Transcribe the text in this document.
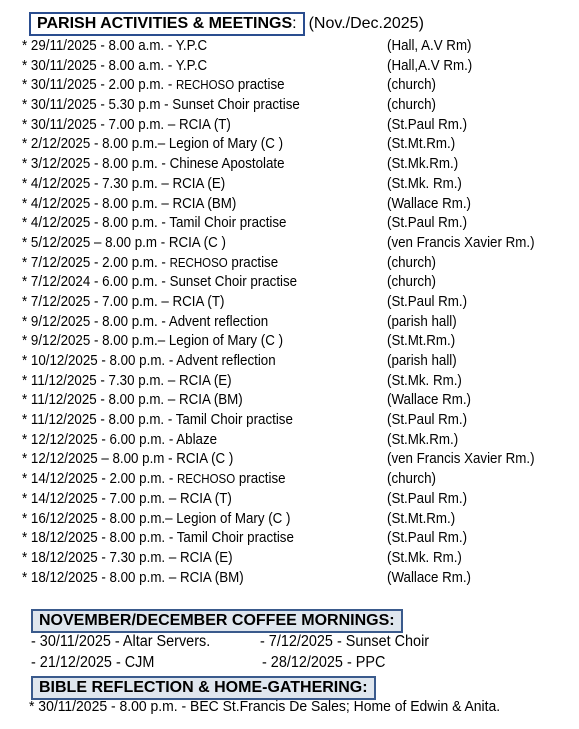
PARISH ACTIVITIES & MEETINGS: (Nov./Dec.2025)
* 29/11/2025 - 8.00 a.m. - Y.P.C	(Hall, A.V Rm)
* 30/11/2025 - 8.00 a.m. - Y.P.C	(Hall,A.V Rm.)
* 30/11/2025 - 2.00 p.m. - RECHOSO practise	(church)
* 30/11/2025 - 5.30 p.m - Sunset Choir practise	(church)
* 30/11/2025 - 7.00 p.m. – RCIA (T)	(St.Paul Rm.)
* 2/12/2025 - 8.00 p.m.– Legion of Mary (C )	(St.Mt.Rm.)
* 3/12/2025 - 8.00 p.m. - Chinese Apostolate	(St.Mk.Rm.)
* 4/12/2025 - 7.30 p.m. – RCIA (E)	(St.Mk. Rm.)
* 4/12/2025 - 8.00 p.m. – RCIA (BM)	(Wallace Rm.)
* 4/12/2025 - 8.00 p.m. - Tamil Choir practise	(St.Paul Rm.)
* 5/12/2025 – 8.00 p.m - RCIA (C )	(ven Francis Xavier Rm.)
* 7/12/2025 - 2.00 p.m. - RECHOSO practise	(church)
* 7/12/2024 - 6.00 p.m. - Sunset Choir practise	(church)
* 7/12/2025 - 7.00 p.m. – RCIA (T)	(St.Paul Rm.)
* 9/12/2025 - 8.00 p.m. - Advent reflection	(parish hall)
* 9/12/2025 - 8.00 p.m.– Legion of Mary (C )	(St.Mt.Rm.)
* 10/12/2025 - 8.00 p.m. - Advent reflection	(parish hall)
* 11/12/2025 - 7.30 p.m. – RCIA (E)	(St.Mk. Rm.)
* 11/12/2025 - 8.00 p.m. – RCIA (BM)	(Wallace Rm.)
* 11/12/2025 - 8.00 p.m. - Tamil Choir practise	(St.Paul Rm.)
* 12/12/2025 - 6.00 p.m. - Ablaze	(St.Mk.Rm.)
* 12/12/2025 – 8.00 p.m - RCIA (C )	(ven Francis Xavier Rm.)
* 14/12/2025 - 2.00 p.m. - RECHOSO practise	(church)
* 14/12/2025 - 7.00 p.m. – RCIA (T)	(St.Paul Rm.)
* 16/12/2025 - 8.00 p.m.– Legion of Mary (C )	(St.Mt.Rm.)
* 18/12/2025 - 8.00 p.m. - Tamil Choir practise	(St.Paul Rm.)
* 18/12/2025 - 7.30 p.m. – RCIA (E)	(St.Mk. Rm.)
* 18/12/2025 - 8.00 p.m. – RCIA (BM)	(Wallace Rm.)
NOVEMBER/DECEMBER COFFEE MORNINGS:
- 30/11/2025 - Altar Servers.	- 7/12/2025 - Sunset Choir
- 21/12/2025 - CJM	- 28/12/2025 - PPC
BIBLE REFLECTION & HOME-GATHERING:
* 30/11/2025 - 8.00 p.m. - BEC St.Francis De Sales; Home of Edwin & Anita.
